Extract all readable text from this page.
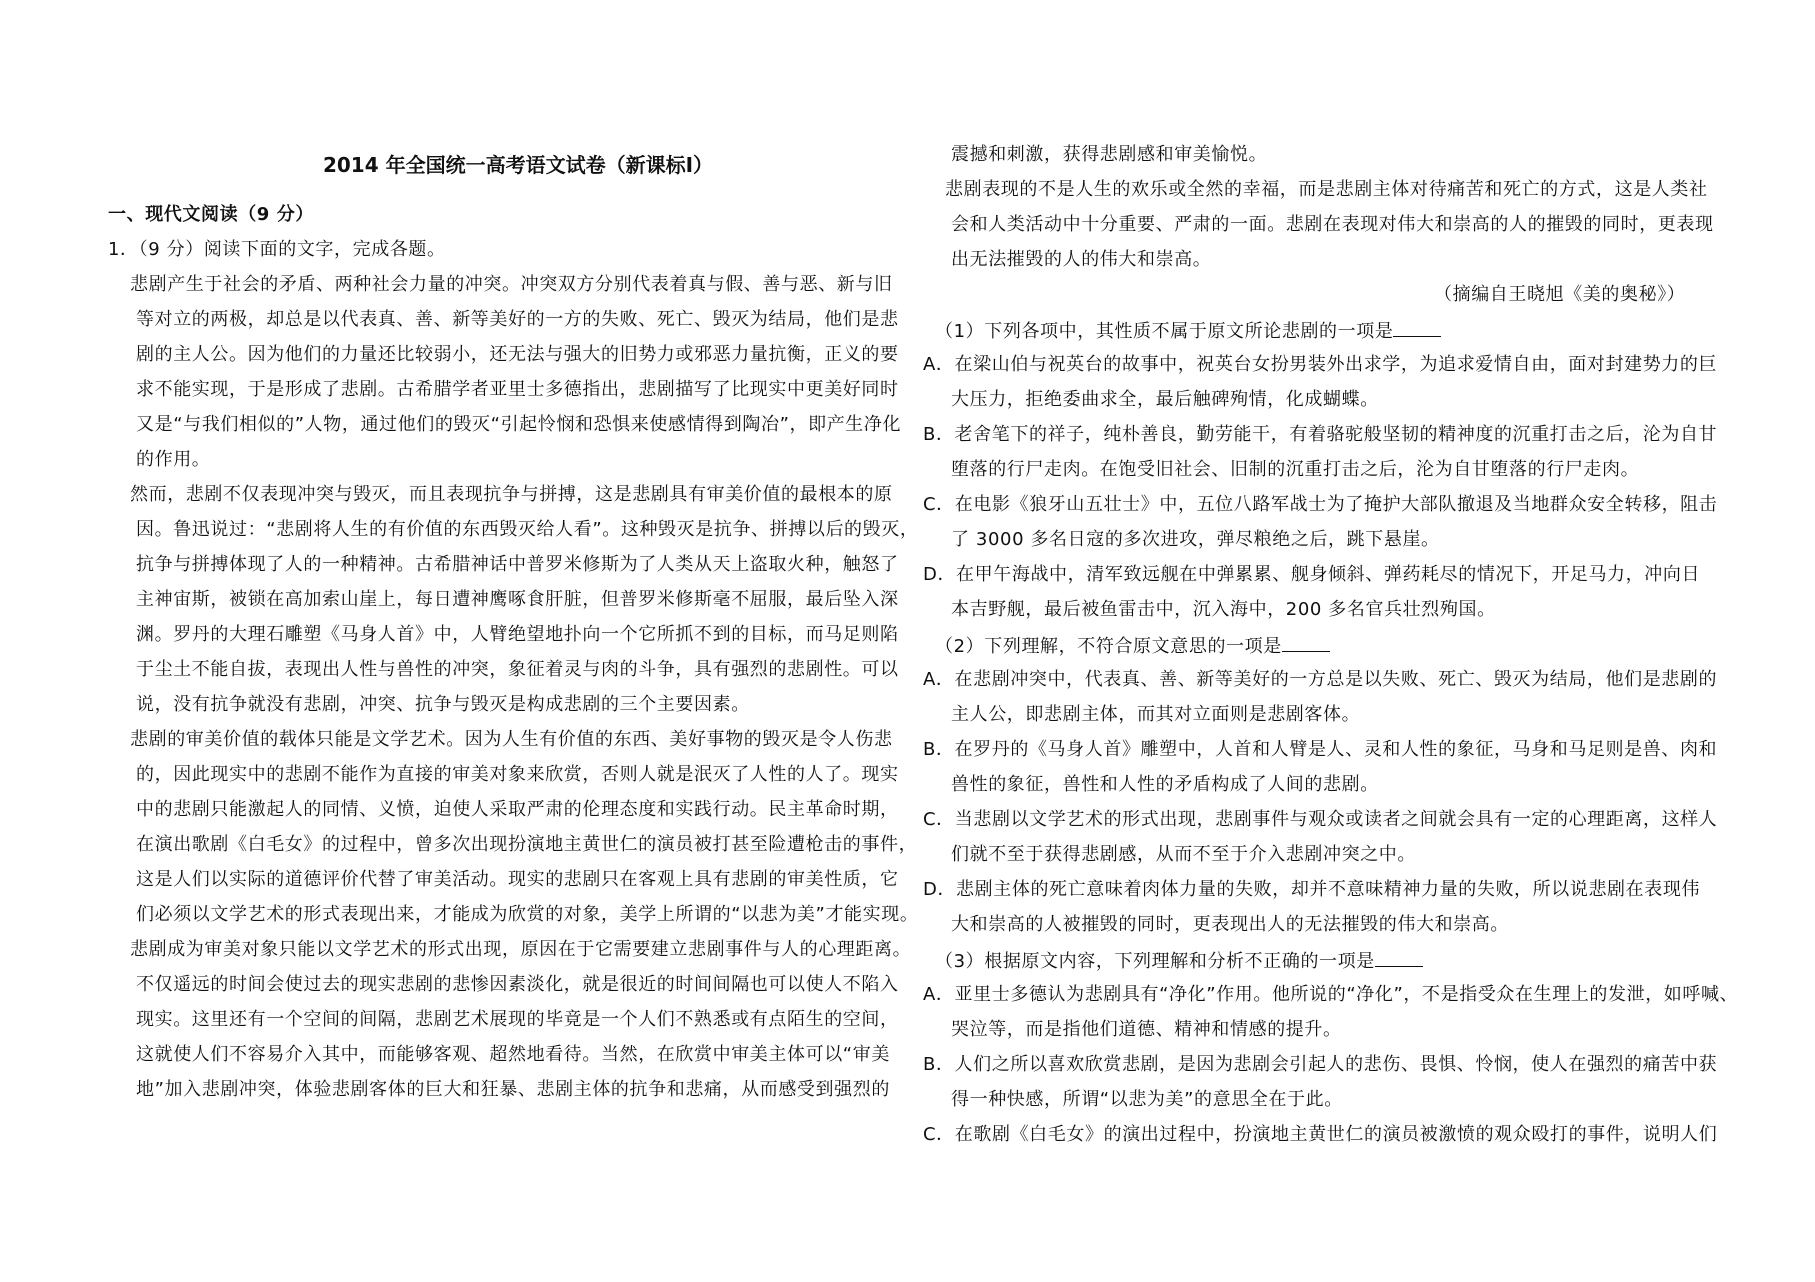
2014 年全国统一高考语文试卷（新课标I）
一、现代文阅读（9 分）
1．（9 分）阅读下面的文字，完成各题。
悲剧产生于社会的矛盾、两种社会力量的冲突。冲突双方分别代表着真与假、善与恶、新与旧
等对立的两极，却总是以代表真、善、新等美好的一方的失败、死亡、毁灭为结局，他们是悲
剧的主人公。因为他们的力量还比较弱小，还无法与强大的旧势力或邪恶力量抗衡，正义的要
求不能实现，于是形成了悲剧。古希腊学者亚里士多德指出，悲剧描写了比现实中更美好同时
又是“与我们相似的”人物，通过他们的毁灭“引起怜悯和恐惧来使感情得到陶冶”，即产生净化
的作用。
然而，悲剧不仅表现冲突与毁灭，而且表现抗争与拼搏，这是悲剧具有审美价值的最根本的原
因。鲁迅说过：“悲剧将人生的有价值的东西毁灭给人看”。这种毁灭是抗争、拼搏以后的毁灭，
抗争与拼搏体现了人的一种精神。古希腊神话中普罗米修斯为了人类从天上盗取火种，触怒了
主神宙斯，被锁在高加索山崖上，每日遭神鹰啄食肝脏，但普罗米修斯毫不屈服，最后坠入深
渊。罗丹的大理石雕塑《马身人首》中，人臂绝望地扑向一个它所抓不到的目标，而马足则陷
于尘土不能自拔，表现出人性与兽性的冲突，象征着灵与肉的斗争，具有强烈的悲剧性。可以
说，没有抗争就没有悲剧，冲突、抗争与毁灭是构成悲剧的三个主要因素。
悲剧的审美价值的载体只能是文学艺术。因为人生有价值的东西、美好事物的毁灭是令人伤悲
的，因此现实中的悲剧不能作为直接的审美对象来欣赏，否则人就是泯灭了人性的人了。现实
中的悲剧只能激起人的同情、义愤，迫使人采取严肃的伦理态度和实践行动。民主革命时期，
在演出歌剧《白毛女》的过程中，曾多次出现扮演地主黄世仁的演员被打甚至险遭枪击的事件，
这是人们以实际的道德评价代替了审美活动。现实的悲剧只在客观上具有悲剧的审美性质，它
们必须以文学艺术的形式表现出来，才能成为欣赏的对象，美学上所谓的“以悲为美”才能实现。
悲剧成为审美对象只能以文学艺术的形式出现，原因在于它需要建立悲剧事件与人的心理距离。
不仅遥远的时间会使过去的现实悲剧的悲惨因素淡化，就是很近的时间间隔也可以使人不陷入
现实。这里还有一个空间的间隔，悲剧艺术展现的毕竟是一个人们不熟悉或有点陌生的空间，
这就使人们不容易介入其中，而能够客观、超然地看待。当然，在欣赏中审美主体可以“审美
地”加入悲剧冲突，体验悲剧客体的巨大和狂暴、悲剧主体的抗争和悲痛，从而感受到强烈的
震撼和刺激，获得悲剧感和审美愉悦。
悲剧表现的不是人生的欢乐或全然的幸福，而是悲剧主体对待痛苦和死亡的方式，这是人类社
会和人类活动中十分重要、严肃的一面。悲剧在表现对伟大和崇高的人的摧毁的同时，更表现
出无法摧毁的人的伟大和崇高。
（摘编自王晓旭《美的奥秘》）
（1）下列各项中，其性质不属于原文所论悲剧的一项是
A．在梁山伯与祝英台的故事中，祝英台女扮男装外出求学，为追求爱情自由，面对封建势力的巨
大压力，拒绝委曲求全，最后触碑殉情，化成蝴蝶。
B．老舍笔下的祥子，纯朴善良，勤劳能干，有着骆驼般坚韧的精神度的沉重打击之后，沦为自甘
堕落的行尸走肉。在饱受旧社会、旧制的沉重打击之后，沦为自甘堕落的行尸走肉。
C．在电影《狼牙山五壮士》中，五位八路军战士为了掩护大部队撤退及当地群众安全转移，阻击
了 3000 多名日寇的多次进攻，弹尽粮绝之后，跳下悬崖。
D．在甲午海战中，清军致远舰在中弹累累、舰身倾斜、弹药耗尽的情况下，开足马力，冲向日
本吉野舰，最后被鱼雷击中，沉入海中，200 多名官兵壮烈殉国。
（2）下列理解，不符合原文意思的一项是
A．在悲剧冲突中，代表真、善、新等美好的一方总是以失败、死亡、毁灭为结局，他们是悲剧的
主人公，即悲剧主体，而其对立面则是悲剧客体。
B．在罗丹的《马身人首》雕塑中，人首和人臂是人、灵和人性的象征，马身和马足则是兽、肉和
兽性的象征，兽性和人性的矛盾构成了人间的悲剧。
C．当悲剧以文学艺术的形式出现，悲剧事件与观众或读者之间就会具有一定的心理距离，这样人
们就不至于获得悲剧感，从而不至于介入悲剧冲突之中。
D．悲剧主体的死亡意味着肉体力量的失败，却并不意味精神力量的失败，所以说悲剧在表现伟
大和崇高的人被摧毁的同时，更表现出人的无法摧毁的伟大和崇高。
（3）根据原文内容，下列理解和分析不正确的一项是
A．亚里士多德认为悲剧具有“净化”作用。他所说的“净化”，不是指受众在生理上的发泄，如呼喊、
哭泣等，而是指他们道德、精神和情感的提升。
B．人们之所以喜欢欣赏悲剧，是因为悲剧会引起人的悲伤、畏惧、怜悯，使人在强烈的痛苦中获
得一种快感，所谓“以悲为美”的意思全在于此。
C．在歌剧《白毛女》的演出过程中，扮演地主黄世仁的演员被激愤的观众殴打的事件，说明人们
